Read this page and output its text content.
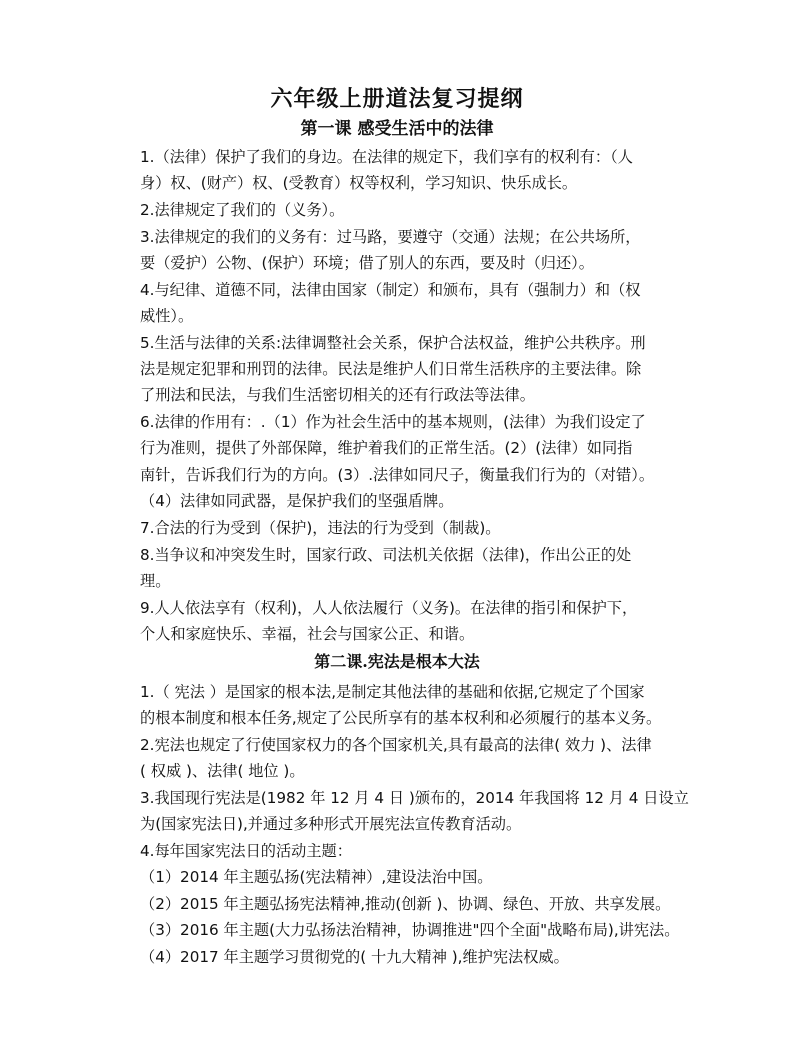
六年级上册道法复习提纲
第一课 感受生活中的法律
1.（法律）保护了我们的身边。在法律的规定下，我们享有的权利有：（人
身）权、(财产）权、(受教育）权等权利，学习知识、快乐成长。
2.法律规定了我们的（义务）。
3.法律规定的我们的义务有：过马路，要遵守（交通）法规；在公共场所，
要（爱护）公物、(保护）环境；借了别人的东西，要及时（归还）。
4.与纪律、道德不同，法律由国家（制定）和颁布，具有（强制力）和（权
威性）。
5.生活与法律的关系:法律调整社会关系，保护合法权益，维护公共秩序。刑
法是规定犯罪和刑罚的法律。民法是维护人们日常生活秩序的主要法律。除
了刑法和民法，与我们生活密切相关的还有行政法等法律。
6.法律的作用有：.（1）作为社会生活中的基本规则，(法律）为我们设定了
行为准则，提供了外部保障，维护着我们的正常生活。(2）(法律）如同指
南针，告诉我们行为的方向。(3）.法律如同尺子，衡量我们行为的（对错）。
（4）法律如同武器，是保护我们的坚强盾牌。
7.合法的行为受到（保护)，违法的行为受到（制裁)。
8.当争议和冲突发生时，国家行政、司法机关依据（法律)，作出公正的处
理。
9.人人依法享有（权利)，人人依法履行（义务)。在法律的指引和保护下，
个人和家庭快乐、幸福，社会与国家公正、和谐。
第二课.宪法是根本大法
1.（ 宪法 ）是国家的根本法,是制定其他法律的基础和依据,它规定了个国家
的根本制度和根本任务,规定了公民所享有的基本权利和必须履行的基本义务。
2.宪法也规定了行使国家权力的各个国家机关,具有最高的法律( 效力 )、法律
( 权威 )、法律( 地位 )。
3.我国现行宪法是(1982 年 12 月 4 日 )颁布的，2014 年我国将 12 月 4 日设立
为(国家宪法日),并通过多种形式开展宪法宣传教育活动。
4.每年国家宪法日的活动主题：
（1）2014 年主题弘扬(宪法精神）,建设法治中国。
（2）2015 年主题弘扬宪法精神,推动(创新 )、协调、绿色、开放、共享发展。
（3）2016 年主题(大力弘扬法治精神，协调推进"四个全面"战略布局),讲宪法。
（4）2017 年主题学习贯彻党的( 十九大精神 ),维护宪法权威。
